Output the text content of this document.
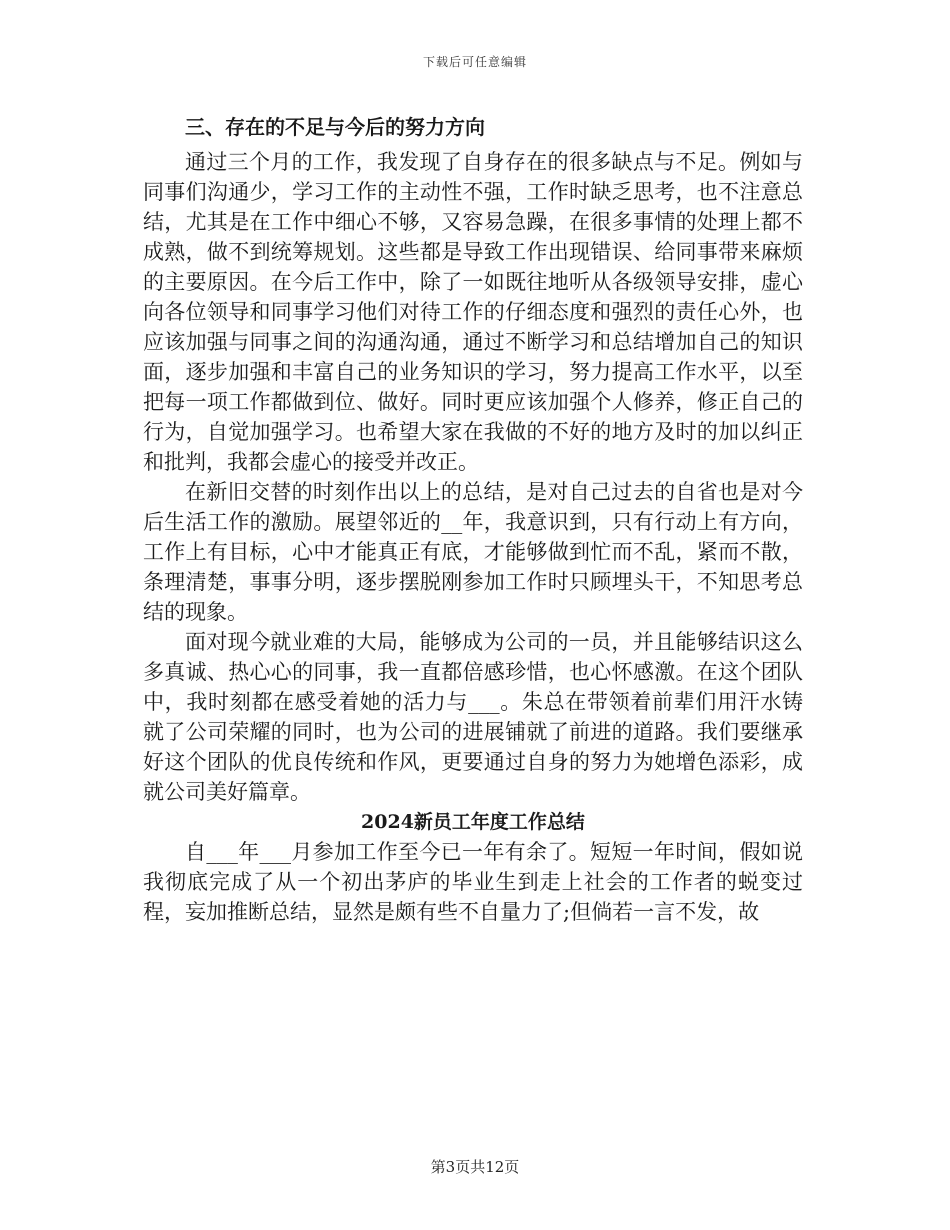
下载后可任意编辑
三、存在的不足与今后的努力方向

通过三个月的工作，我发现了自身存在的很多缺点与不足。例如与同事们沟通少，学习工作的主动性不强，工作时缺乏思考，也不注意总结，尤其是在工作中细心不够，又容易急躁，在很多事情的处理上都不成熟，做不到统筹规划。这些都是导致工作出现错误、给同事带来麻烦的主要原因。在今后工作中，除了一如既往地听从各级领导安排，虚心向各位领导和同事学习他们对待工作的仔细态度和强烈的责任心外，也应该加强与同事之间的沟通沟通，通过不断学习和总结增加自己的知识面，逐步加强和丰富自己的业务知识的学习，努力提高工作水平，以至把每一项工作都做到位、做好。同时更应该加强个人修养，修正自己的行为，自觉加强学习。也希望大家在我做的不好的地方及时的加以纠正和批判，我都会虚心的接受并改正。

在新旧交替的时刻作出以上的总结，是对自己过去的自省也是对今后生活工作的激励。展望邻近的__年，我意识到，只有行动上有方向，工作上有目标，心中才能真正有底，才能够做到忙而不乱，紧而不散，条理清楚，事事分明，逐步摆脱刚参加工作时只顾埋头干，不知思考总结的现象。

面对现今就业难的大局，能够成为公司的一员，并且能够结识这么多真诚、热心心的同事，我一直都倍感珍惜，也心怀感激。在这个团队中，我时刻都在感受着她的活力与___。朱总在带领着前辈们用汗水铸就了公司荣耀的同时，也为公司的进展铺就了前进的道路。我们要继承好这个团队的优良传统和作风，更要通过自身的努力为她增色添彩，成就公司美好篇章。

2024新员工年度工作总结

自___年___月参加工作至今已一年有余了。短短一年时间，假如说我彻底完成了从一个初出茅庐的毕业生到走上社会的工作者的蜕变过程，妄加推断总结，显然是颇有些不自量力了;但倘若一言不发，故

第3页共12页
